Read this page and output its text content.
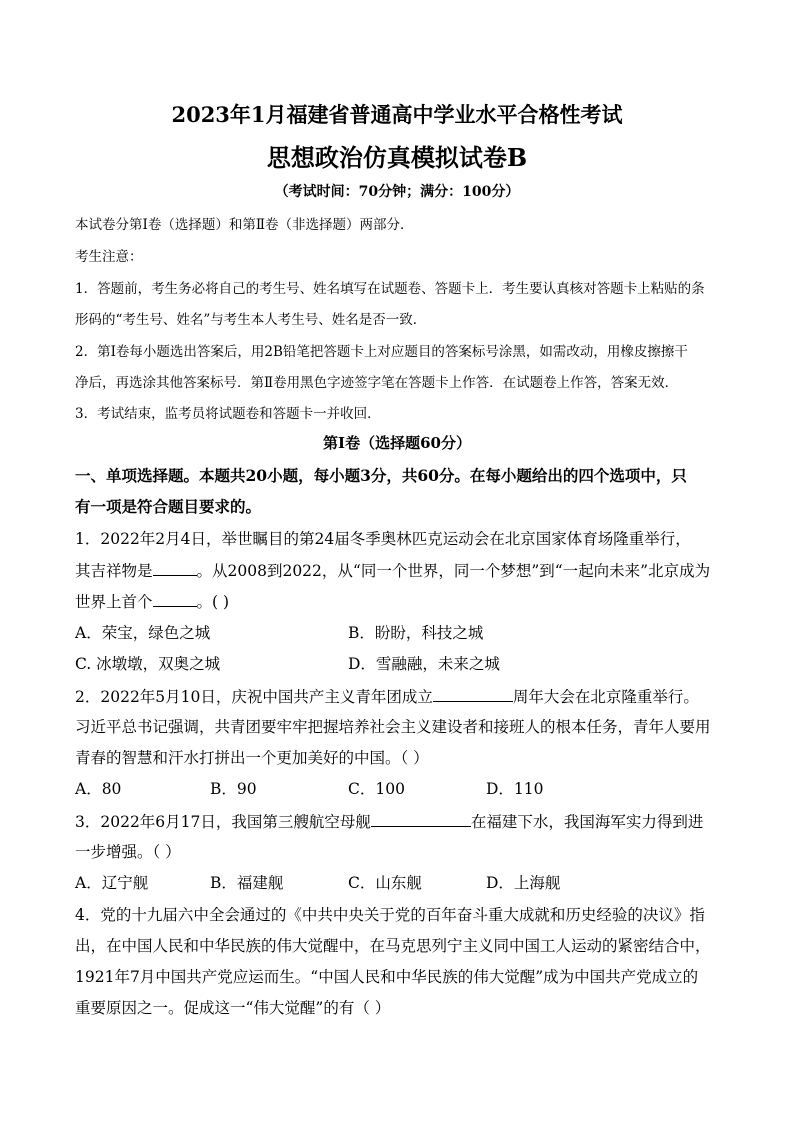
2023年1月福建省普通高中学业水平合格性考试
思想政治仿真模拟试卷B
（考试时间：70分钟；满分：100分）
本试卷分第Ⅰ卷（选择题）和第Ⅱ卷（非选择题）两部分．
考生注意：
1．答题前，考生务必将自己的考生号、姓名填写在试题卷、答题卡上．考生要认真核对答题卡上粘贴的条
形码的“考生号、姓名”与考生本人考生号、姓名是否一致．
2．第Ⅰ卷每小题选出答案后，用2B铅笔把答题卡上对应题目的答案标号涂黑，如需改动，用橡皮擦擦干
净后，再选涂其他答案标号．第Ⅱ卷用黑色字迹签字笔在答题卡上作答．在试题卷上作答，答案无效．
3．考试结束，监考员将试题卷和答题卡一并收回．
第Ⅰ卷（选择题60分）
一、单项选择题。本题共20小题，每小题3分，共60分。在每小题给出的四个选项中，只
有一项是符合题目要求的。
1．2022年2月4日，举世瞩目的第24届冬季奥林匹克运动会在北京国家体育场隆重举行，
其吉祥物是	。从2008到2022，从“同一个世界，同一个梦想”到“一起向未来”北京成为
世界上首个	。( )
A．荣宝，绿色之城	B．盼盼，科技之城
C. 冰墩墩，双奥之城	D．雪融融，未来之城
2．2022年5月10日，庆祝中国共产主义青年团成立	周年大会在北京隆重举行。
习近平总书记强调，共青团要牢牢把握培养社会主义建设者和接班人的根本任务，青年人要用
青春的智慧和汗水打拼出一个更加美好的中国。（ ）
A．80	B．90	C．100	D．110
3．2022年6月17日，我国第三艘航空母舰	在福建下水，我国海军实力得到进
一步增强。（ ）
A．辽宁舰	B．福建舰	C．山东舰	D．上海舰
4．党的十九届六中全会通过的《中共中央关于党的百年奋斗重大成就和历史经验的决议》指
出，在中国人民和中华民族的伟大觉醒中，在马克思列宁主义同中国工人运动的紧密结合中，
1921年7月中国共产党应运而生。“中国人民和中华民族的伟大觉醒”成为中国共产党成立的
重要原因之一。促成这一“伟大觉醒”的有（ ）
